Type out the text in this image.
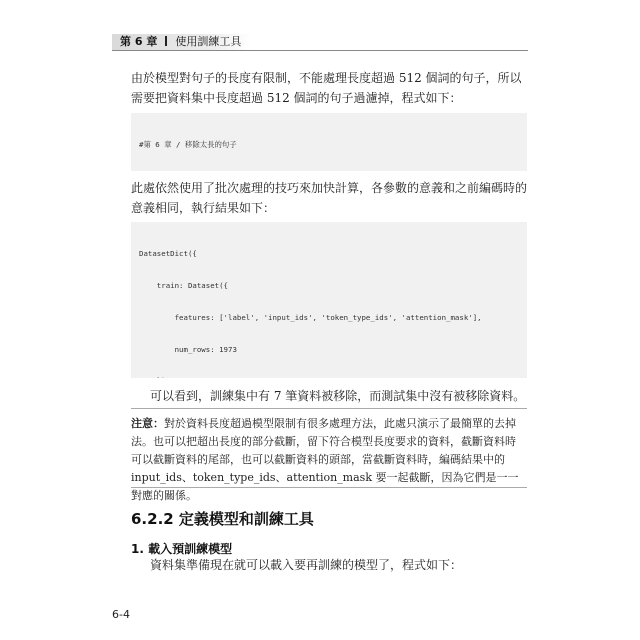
第 6 章 使用訓練工具

由於模型對句子的長度有限制，不能處理長度超過 512 個詞的句子，所以需要把資料集中長度超過 512 個詞的句子過濾掉，程式如下：

#第 6 章 / 移除太長的句子

此處依然使用了批次處理的技巧來加快計算，各參數的意義和之前編碼時的意義相同，執行結果如下：

DatasetDict({

train: Dataset({

features: ['label', 'input_ids', 'token_type_ids', 'attention_mask'],

num_rows: 1973

可以看到，訓練集中有 7 筆資料被移除，而測試集中沒有被移除資料。

注意：對於資料長度超過模型限制有很多處理方法，此處只演示了最簡單的去掉法。也可以把超出長度的部分截斷，留下符合模型長度要求的資料，截斷資料時可以截斷資料的尾部，也可以截斷資料的頭部，當截斷資料時，編碼結果中的 input_ids、token_type_ids、attention_mask 要一起截斷，因為它們是一一對應的關係。

6.2.2 定義模型和訓練工具
1. 載入預訓練模型

資料集準備現在就可以載入要再訓練的模型了，程式如下：

6-4
